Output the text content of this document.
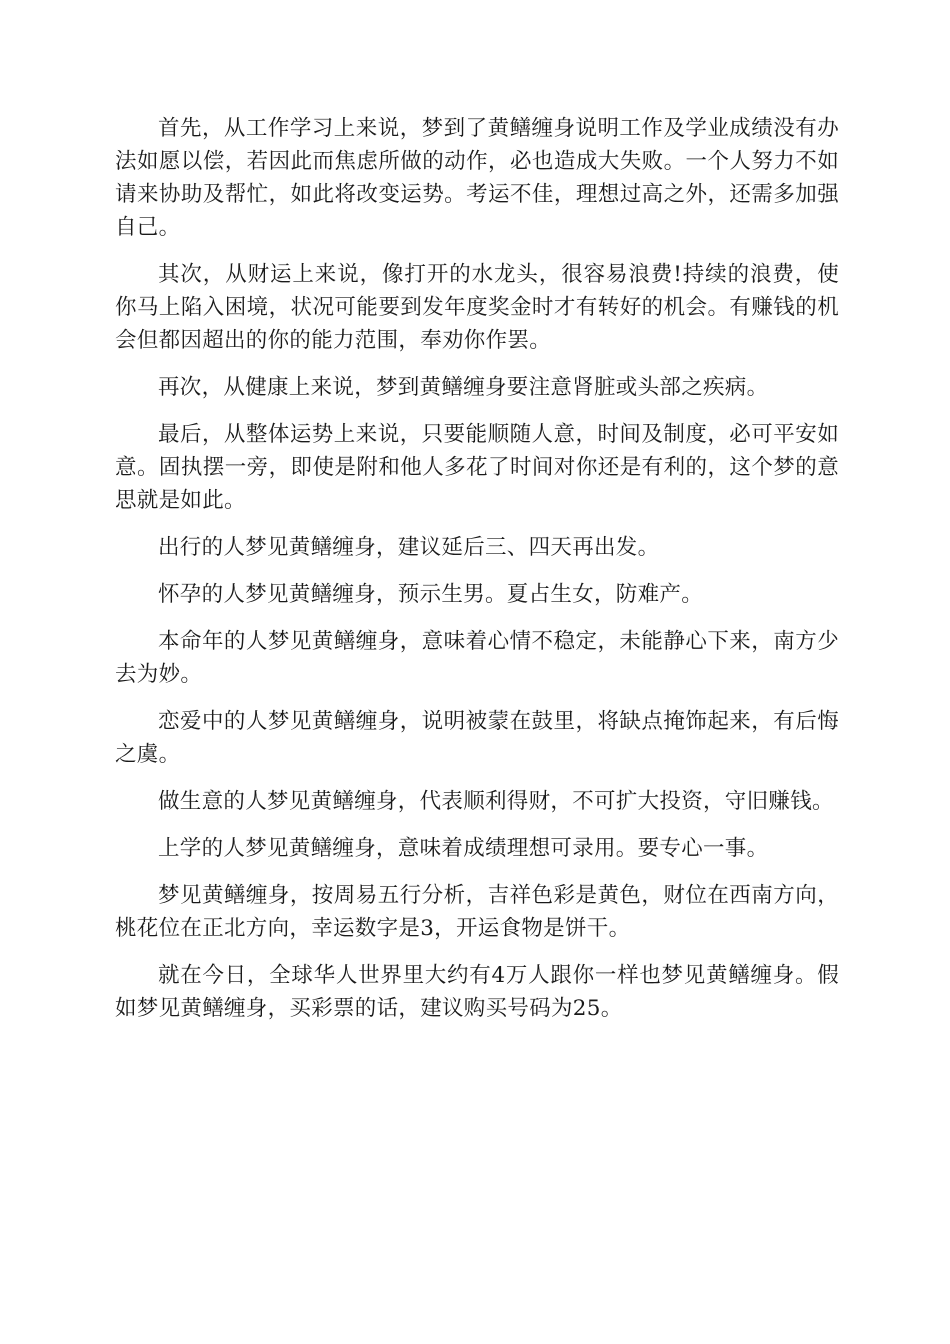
首先，从工作学习上来说，梦到了黄鳝缠身说明工作及学业成绩没有办法如愿以偿，若因此而焦虑所做的动作，必也造成大失败。一个人努力不如请来协助及帮忙，如此将改变运势。考运不佳，理想过高之外，还需多加强自己。

其次，从财运上来说，像打开的水龙头，很容易浪费!持续的浪费，使你马上陷入困境，状况可能要到发年度奖金时才有转好的机会。有赚钱的机会但都因超出的你的能力范围，奉劝你作罢。

再次，从健康上来说，梦到黄鳝缠身要注意肾脏或头部之疾病。

最后，从整体运势上来说，只要能顺随人意，时间及制度，必可平安如意。固执摆一旁，即使是附和他人多花了时间对你还是有利的，这个梦的意思就是如此。

出行的人梦见黄鳝缠身，建议延后三、四天再出发。

怀孕的人梦见黄鳝缠身，预示生男。夏占生女，防难产。

本命年的人梦见黄鳝缠身，意味着心情不稳定，未能静心下来，南方少去为妙。

恋爱中的人梦见黄鳝缠身，说明被蒙在鼓里，将缺点掩饰起来，有后悔之虞。

做生意的人梦见黄鳝缠身，代表顺利得财，不可扩大投资，守旧赚钱。

上学的人梦见黄鳝缠身，意味着成绩理想可录用。要专心一事。

梦见黄鳝缠身，按周易五行分析，吉祥色彩是黄色，财位在西南方向，桃花位在正北方向，幸运数字是3，开运食物是饼干。

就在今日，全球华人世界里大约有4万人跟你一样也梦见黄鳝缠身。假如梦见黄鳝缠身，买彩票的话，建议购买号码为25。
